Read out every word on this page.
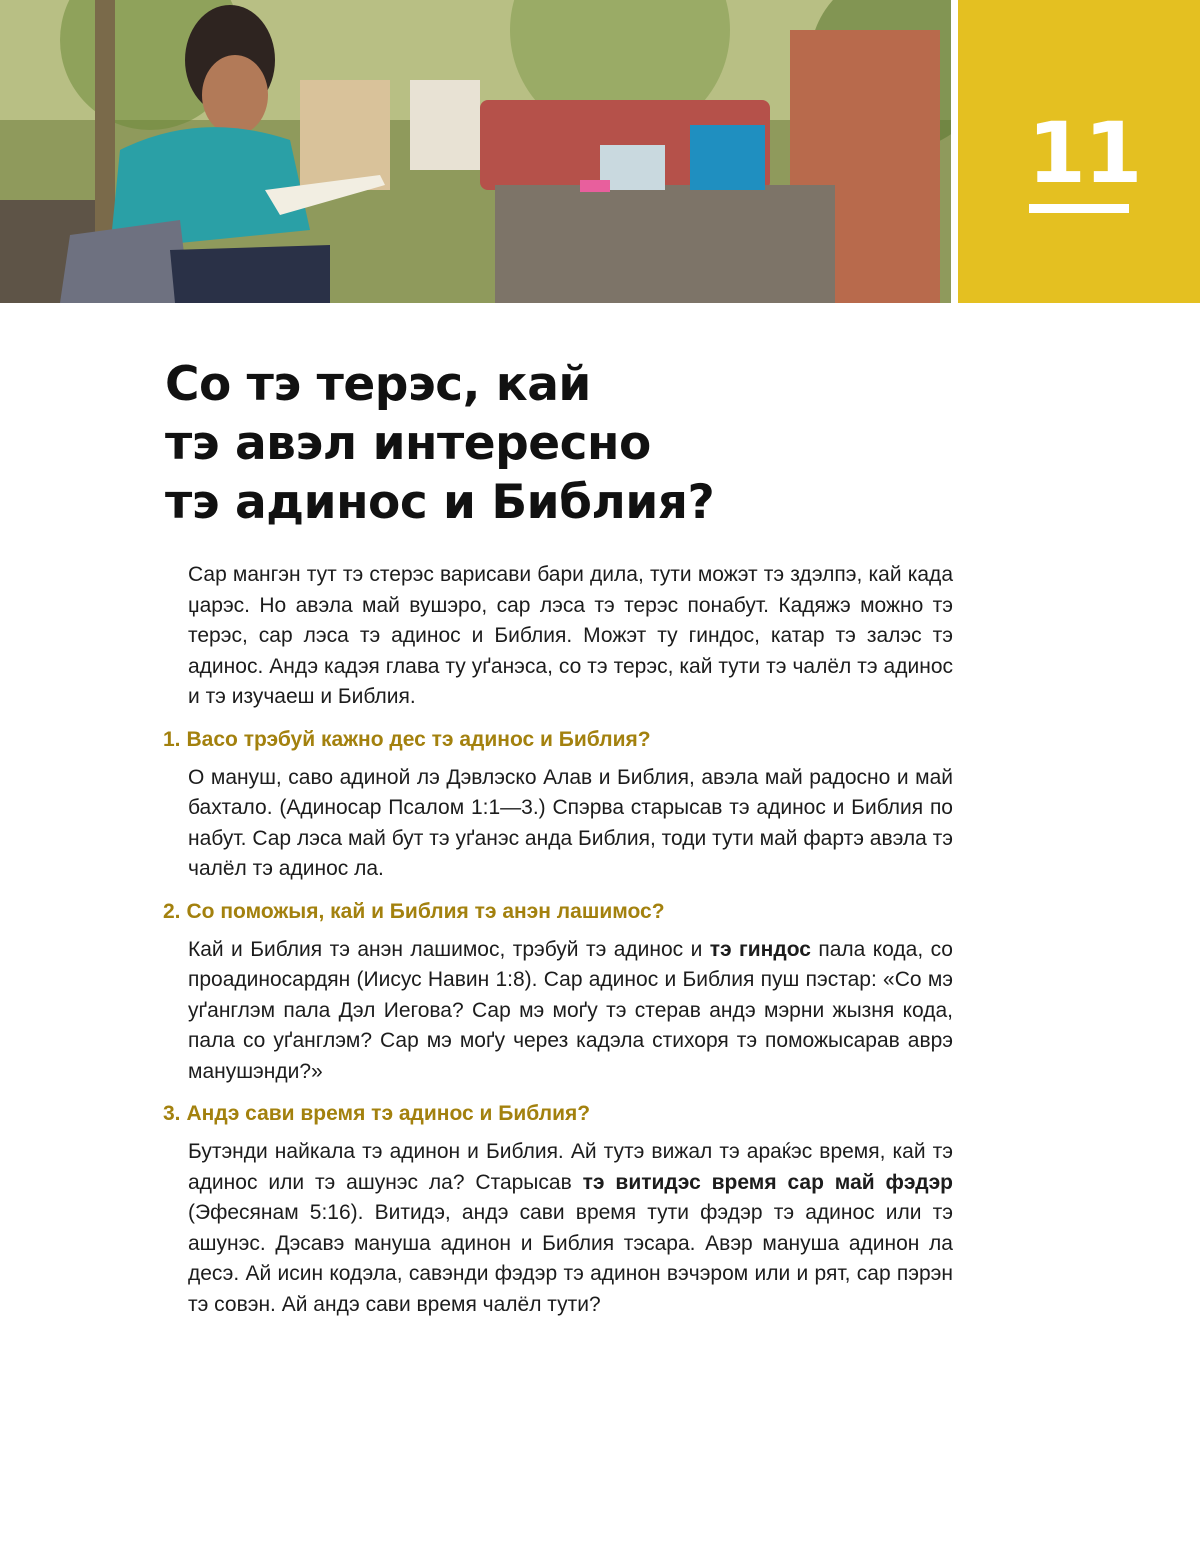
11
Со тэ терэс, кай
тэ авэл интересно
тэ адинос и Библия?

Сар мангэн тут тэ стерэс варисави бари дила, тути можэт тэ здэлпэ, кай када џарэс. Но авэла май вушэро, сар лэса тэ терэс понабут. Кадяжэ можно тэ терэс, сар лэса тэ адинос и Библия. Можэт ту гиндос, катар тэ залэс тэ адинос. Андэ кадэя глава ту уґанэса, со тэ терэс, кай тути тэ чалёл тэ адинос и тэ изучаеш и Библия.

1. Васо трэбуй кажно дес тэ адинос и Библия?

О мануш, саво адиной лэ Дэвлэско Алав и Библия, авэла май радосно и май бахтало. (Адиносар Псалом 1:1—3.) Спэрва старысав тэ адинос и Библия по набут. Сар лэса май бут тэ уґанэс анда Библия, тоди тути май фартэ авэла тэ чалёл тэ адинос ла.

2. Со поможыя, кай и Библия тэ анэн лашимос?

Кай и Библия тэ анэн лашимос, трэбуй тэ адинос и тэ гиндос пала кода, со проадиносардян (Иисус Навин 1:8). Сар адинос и Библия пуш пэстар: «Со мэ уґанглэм пала Дэл Иегова? Сар мэ моґу тэ стерав андэ мэрни жызня кода, пала со уґанглэм? Сар мэ моґу через кадэла стихоря тэ поможысарав аврэ манушэнди?»

3. Андэ сави время тэ адинос и Библия?

Бутэнди найкала тэ адинон и Библия. Ай тутэ вижал тэ араќэс время, кай тэ адинос или тэ ашунэс ла? Старысав тэ витидэс время сар май фэдэр (Эфесянам 5:16). Витидэ, андэ сави время тути фэдэр тэ адинос или тэ ашунэс. Дэсавэ мануша адинон и Библия тэсара. Авэр мануша адинон ла десэ. Ай исин кодэла, савэнди фэдэр тэ адинон вэчэром или и рят, сар пэрэн тэ совэн. Ай андэ сави время чалёл тути?
